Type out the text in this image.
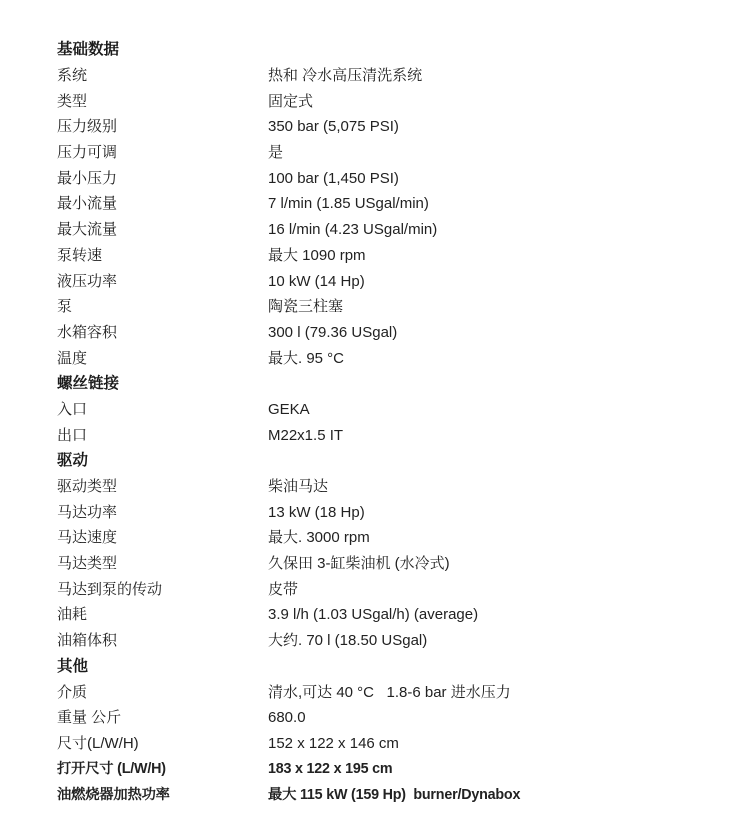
基础数据
系统	热和 冷水高压清洗系统
类型	固定式
压力级别	350 bar (5,075 PSI)
压力可调	是
最小压力	100 bar (1,450 PSI)
最小流量	7 l/min (1.85 USgal/min)
最大流量	16 l/min (4.23 USgal/min)
泵转速	最大 1090 rpm
液压功率	10 kW (14 Hp)
泵	陶瓷三柱塞
水箱容积	300 l (79.36 USgal)
温度	最大. 95 °C
螺丝链接
入口	GEKA
出口	M22x1.5 IT
驱动
驱动类型	柴油马达
马达功率	13 kW (18 Hp)
马达速度	最大. 3000 rpm
马达类型	久保田 3-缸柴油机 (水冷式)
马达到泵的传动	皮带
油耗	3.9 l/h (1.03 USgal/h) (average)
油箱体积	大约. 70 l (18.50 USgal)
其他
介质	清水,可达 40 °C   1.8-6 bar 进水压力
重量 公斤	680.0
尺寸(L/W/H)	152 x 122 x 146 cm
打开尺寸 (L/W/H)	183 x 122 x 195 cm
油燃烧器加热功率	最大 115 kW (159 Hp)  burner/Dynabox
